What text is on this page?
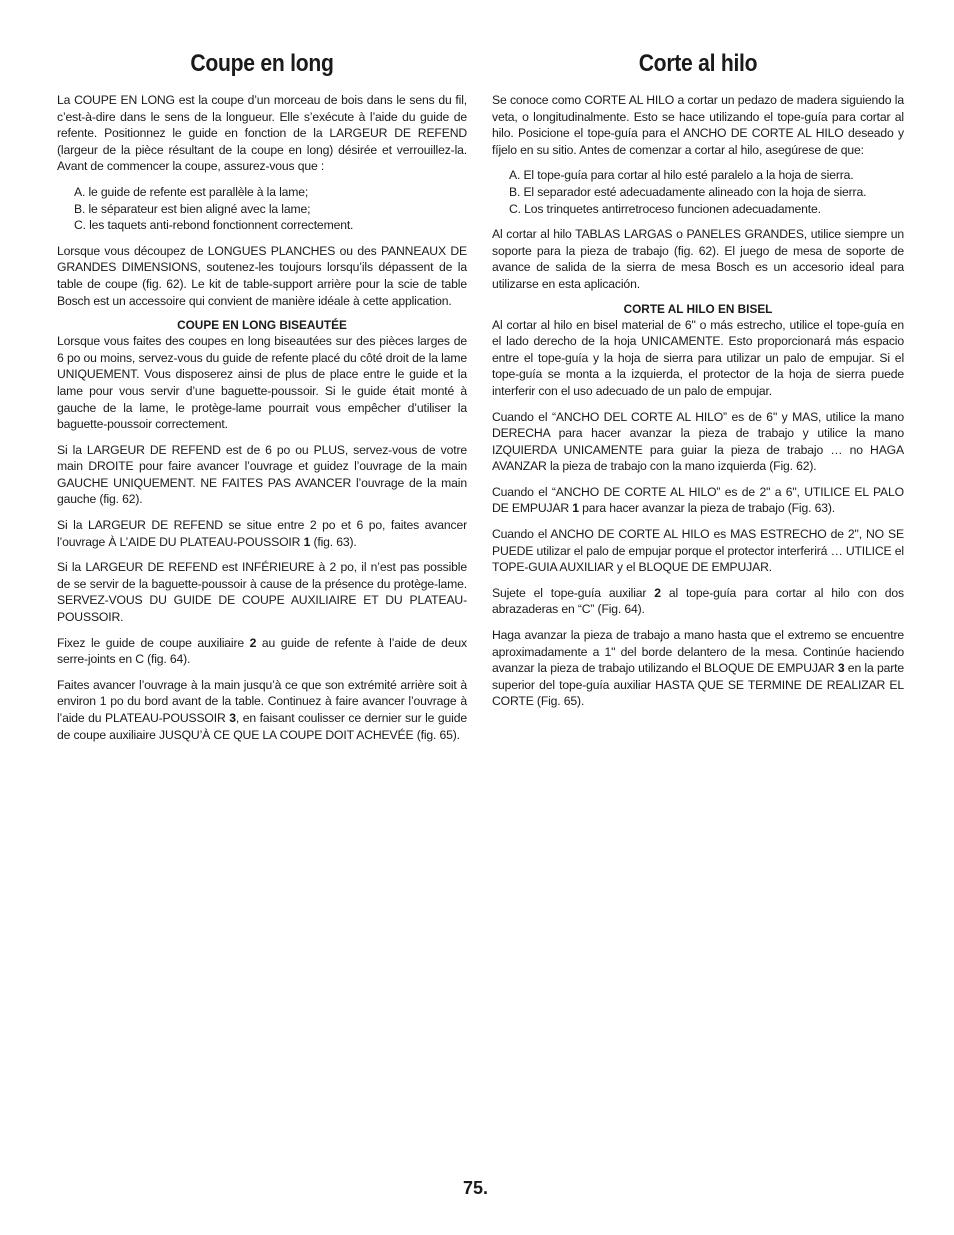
Coupe en long

La COUPE EN LONG est la coupe d’un morceau de bois dans le sens du fil, c’est-à-dire dans le sens de la longueur. Elle s’exécute à l’aide du guide de refente. Positionnez le guide en fonction de la LARGEUR DE REFEND (largeur de la pièce résultant de la coupe en long) désirée et verrouillez-la. Avant de commencer la coupe, assurez-vous que :

A. le guide de refente est parallèle à la lame;
B. le séparateur est bien aligné avec la lame;
C. les taquets anti-rebond fonctionnent correctement.

Lorsque vous découpez de LONGUES PLANCHES ou des PANNEAUX DE GRANDES DIMENSIONS, soutenez-les toujours lorsqu’ils dépassent de la table de coupe (fig. 62). Le kit de table-support arrière pour la scie de table Bosch est un accessoire qui convient de manière idéale à cette application.

COUPE EN LONG BISEAUTÉE

Lorsque vous faites des coupes en long biseautées sur des pièces larges de 6 po ou moins, servez-vous du guide de refente placé du côté droit de la lame UNIQUEMENT. Vous disposerez ainsi de plus de place entre le guide et la lame pour vous servir d’une baguette-poussoir. Si le guide était monté à gauche de la lame, le protège-lame pourrait vous empêcher d’utiliser la baguette-poussoir correctement.

Si la LARGEUR DE REFEND est de 6 po ou PLUS, servez-vous de votre main DROITE pour faire avancer l’ouvrage et guidez l’ouvrage de la main GAUCHE UNIQUEMENT. NE FAITES PAS AVANCER l’ouvrage de la main gauche (fig. 62).

Si la LARGEUR DE REFEND se situe entre 2 po et 6 po, faites avancer l’ouvrage À L’AIDE DU PLATEAU-POUSSOIR 1 (fig. 63).

Si la LARGEUR DE REFEND est INFÉRIEURE à 2 po, il n’est pas possible de se servir de la baguette-poussoir à cause de la présence du protège-lame. SERVEZ-VOUS DU GUIDE DE COUPE AUXILIAIRE ET DU PLATEAU-POUSSOIR.

Fixez le guide de coupe auxiliaire 2 au guide de refente à l’aide de deux serre-joints en C (fig. 64).

Faites avancer l’ouvrage à la main jusqu’à ce que son extrémité arrière soit à environ 1 po du bord avant de la table. Continuez à faire avancer l’ouvrage à l’aide du PLATEAU-POUSSOIR 3, en faisant coulisser ce dernier sur le guide de coupe auxiliaire JUSQU’À CE QUE LA COUPE DOIT ACHEVÉE (fig. 65).

Corte al hilo

Se conoce como CORTE AL HILO a cortar un pedazo de madera siguiendo la veta, o longitudinalmente. Esto se hace utilizando el tope-guía para cortar al hilo. Posicione el tope-guía para el ANCHO DE CORTE AL HILO deseado y fíjelo en su sitio. Antes de comenzar a cortar al hilo, asegúrese de que:

A. El tope-guía para cortar al hilo esté paralelo a la hoja de sierra.
B. El separador esté adecuadamente alineado con la hoja de sierra.
C. Los trinquetes antirretroceso funcionen adecuadamente.

Al cortar al hilo TABLAS LARGAS o PANELES GRANDES, utilice siempre un soporte para la pieza de trabajo (fig. 62). El juego de mesa de soporte de avance de salida de la sierra de mesa Bosch es un accesorio ideal para utilizarse en esta aplicación.

CORTE AL HILO EN BISEL

Al cortar al hilo en bisel material de 6" o más estrecho, utilice el tope-guía en el lado derecho de la hoja UNICAMENTE. Esto proporcionará más espacio entre el tope-guía y la hoja de sierra para utilizar un palo de empujar. Si el tope-guía se monta a la izquierda, el protector de la hoja de sierra puede interferir con el uso adecuado de un palo de empujar.

Cuando el “ANCHO DEL CORTE AL HILO” es de 6" y MAS, utilice la mano DERECHA para hacer avanzar la pieza de trabajo y utilice la mano IZQUIERDA UNICAMENTE para guiar la pieza de trabajo … no HAGA AVANZAR la pieza de trabajo con la mano izquierda (Fig. 62).

Cuando el “ANCHO DE CORTE AL HILO” es de 2" a 6", UTILICE EL PALO DE EMPUJAR 1 para hacer avanzar la pieza de trabajo (Fig. 63).

Cuando el ANCHO DE CORTE AL HILO es MAS ESTRECHO de 2", NO SE PUEDE utilizar el palo de empujar porque el protector interferirá … UTILICE el TOPE-GUIA AUXILIAR y el BLOQUE DE EMPUJAR.

Sujete el tope-guía auxiliar 2 al tope-guía para cortar al hilo con dos abrazaderas en “C” (Fig. 64).

Haga avanzar la pieza de trabajo a mano hasta que el extremo se encuentre aproximadamente a 1" del borde delantero de la mesa. Continúe haciendo avanzar la pieza de trabajo utilizando el BLOQUE DE EMPUJAR 3 en la parte superior del tope-guía auxiliar HASTA QUE SE TERMINE DE REALIZAR EL CORTE (Fig. 65).

75.
